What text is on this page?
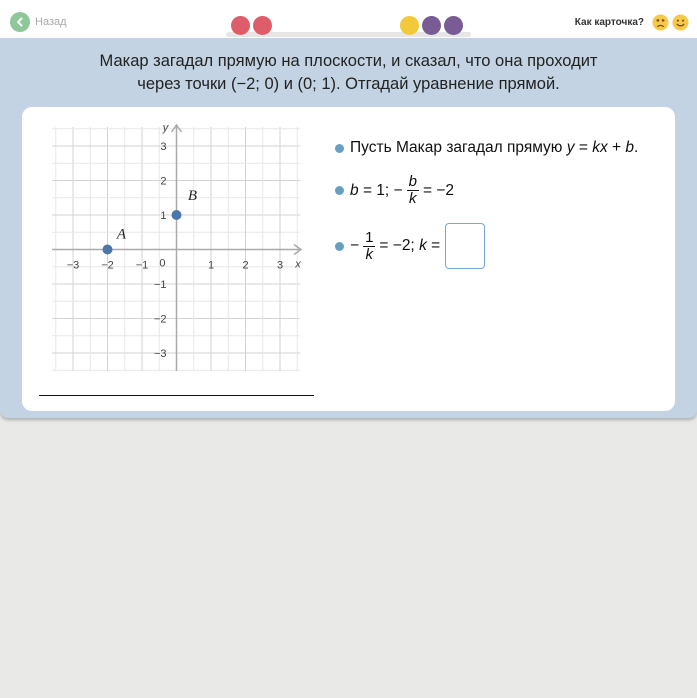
Назад	Как карточка?
Макар загадал прямую на плоскости, и сказал, что она проходит
через точки (−2; 0) и (0; 1). Отгадай уравнение прямой.
−3 −2 −1	1	2	3
3
2
1
−1
−2
−3
0	x
y
A
B
Пусть Макар загадал прямую
y
=
kx
+
b .
b
= 1; − $\frac{b}{k} = -2$
− $\frac{1}{k} = -2$;
k
=
